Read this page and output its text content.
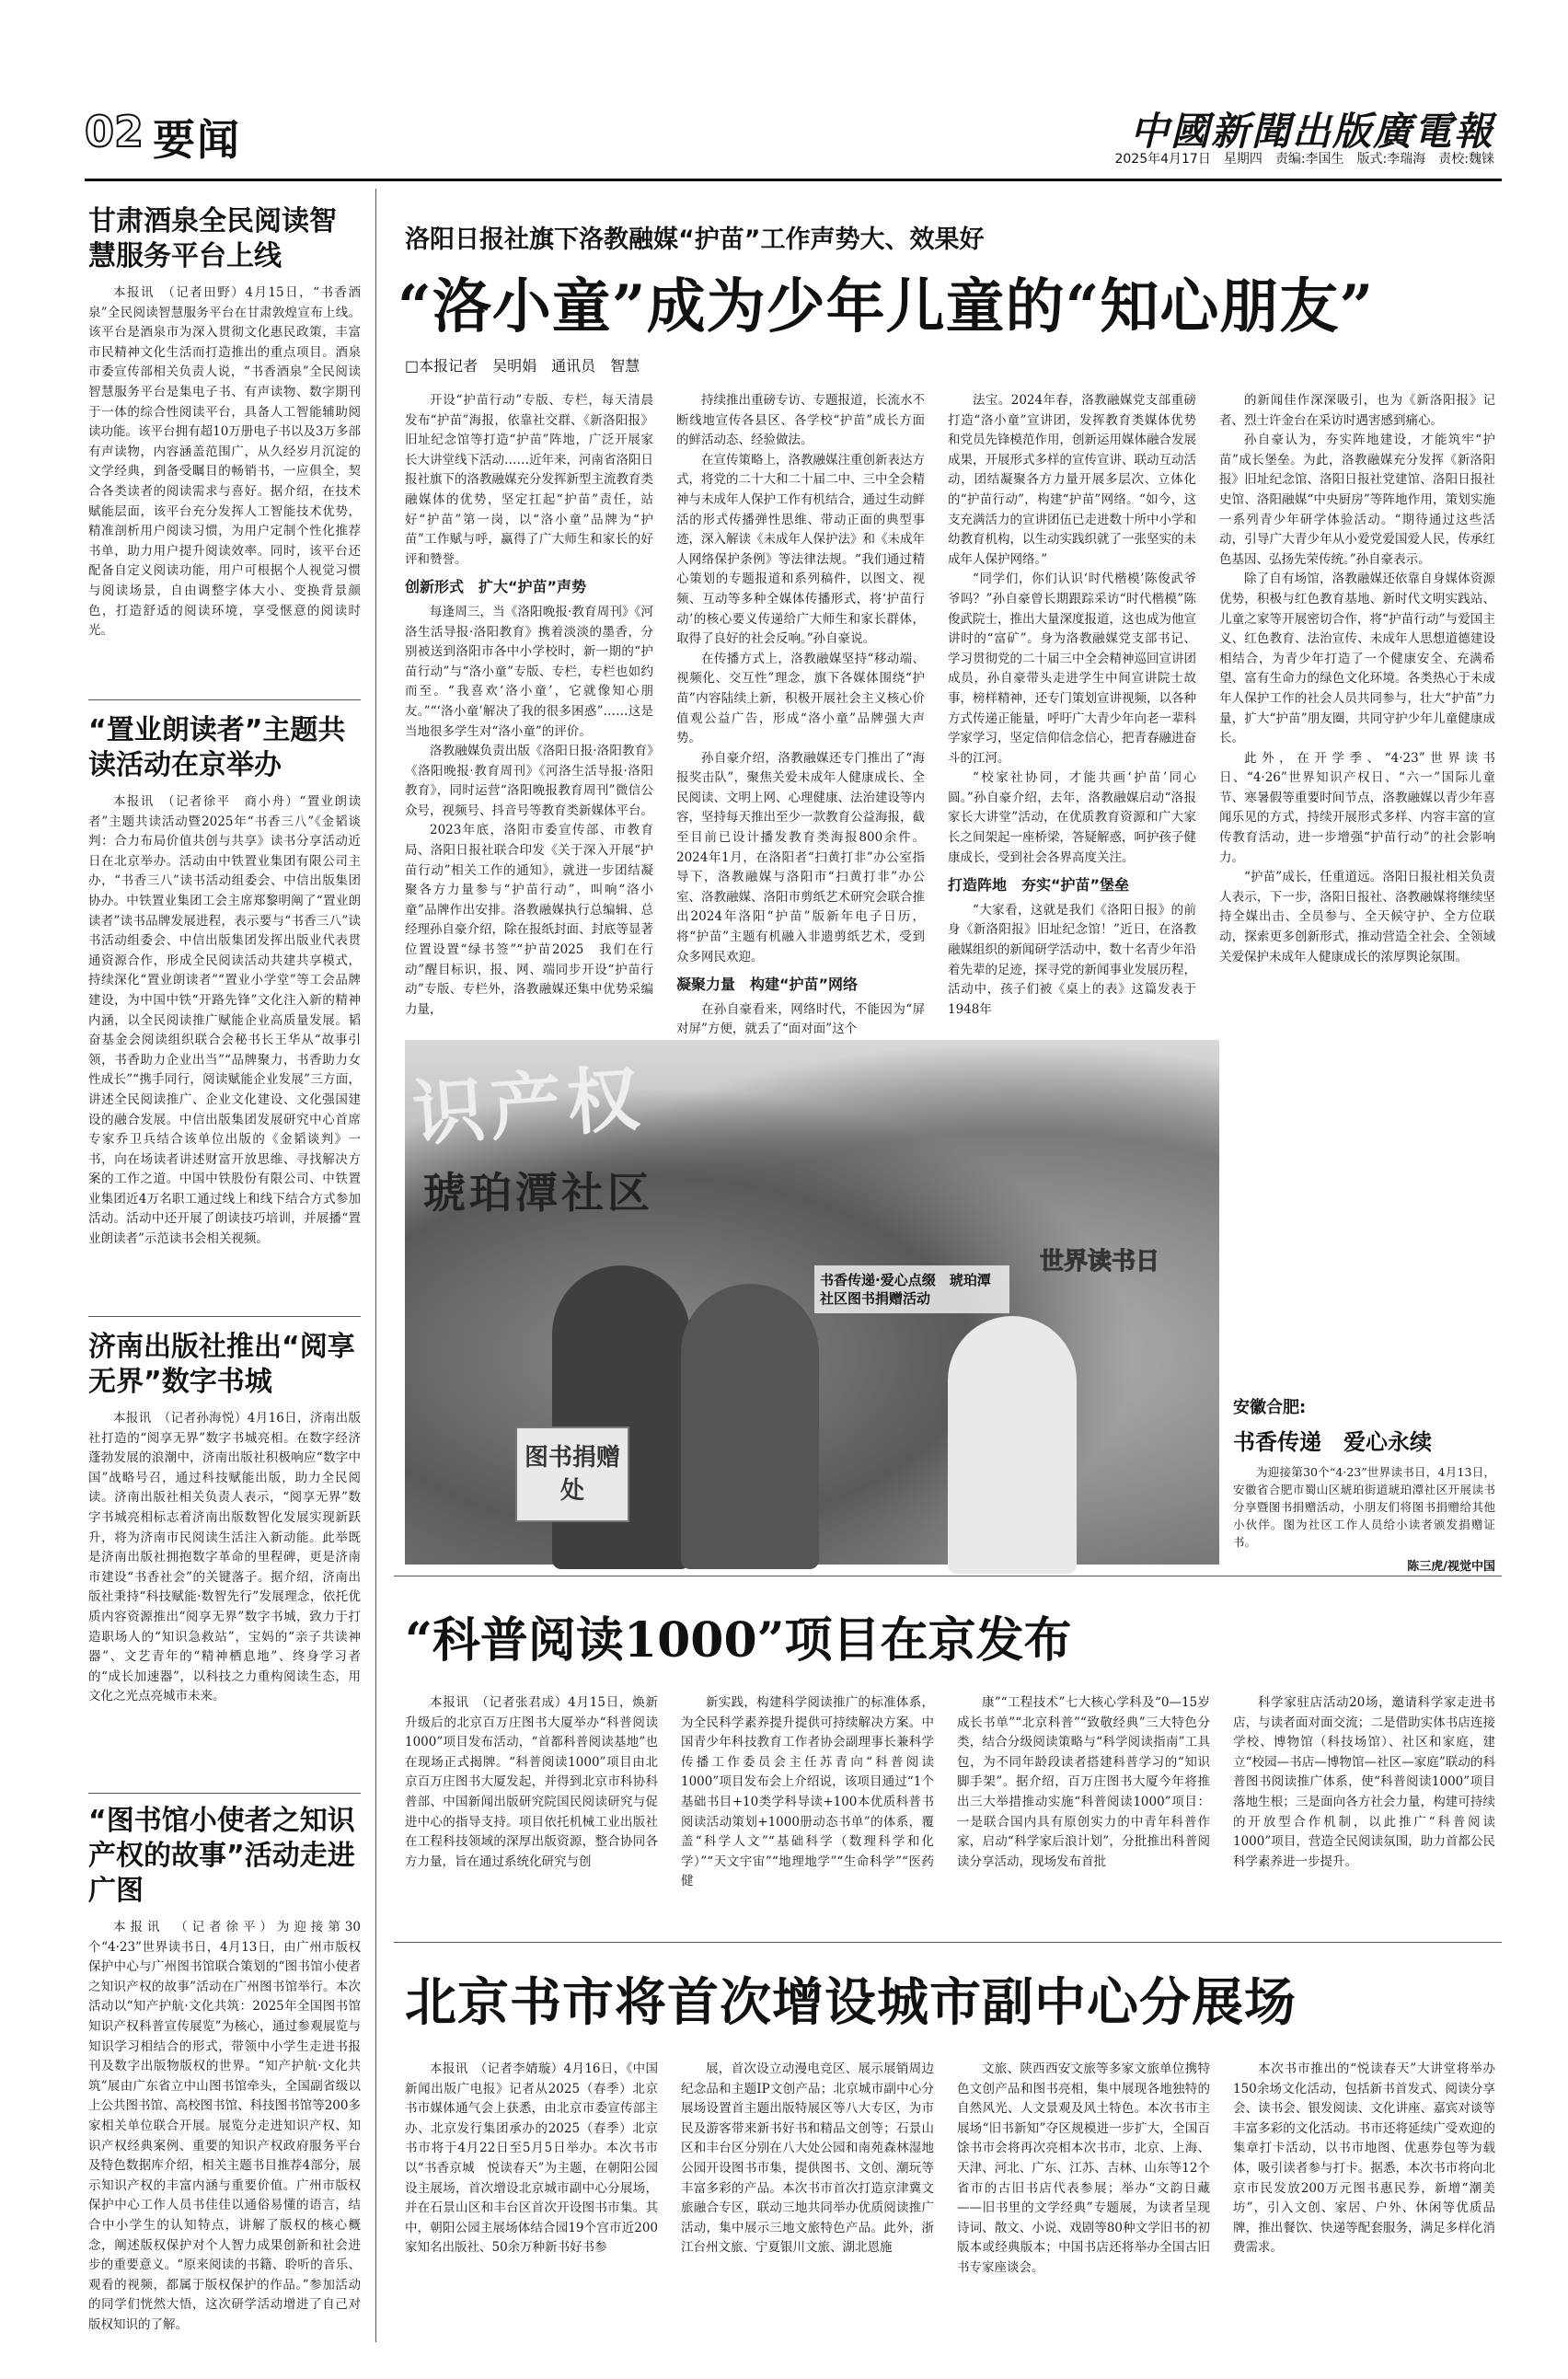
02 要闻	中國新聞出版廣電報
2025年4月17日 星期四 责编:李国生 版式:李瑞海 责校:魏铼
甘肃酒泉全民阅读智慧服务平台上线

本报讯　（记者田野）4月15日，“书香酒泉”全民阅读智慧服务平台在甘肃敦煌宣布上线。该平台是酒泉市为深入贯彻文化惠民政策，丰富市民精神文化生活而打造推出的重点项目。酒泉市委宣传部相关负责人说，“书香酒泉”全民阅读智慧服务平台是集电子书、有声读物、数字期刊于一体的综合性阅读平台，具备人工智能辅助阅读功能。该平台拥有超10万册电子书以及3万多部有声读物，内容涵盖范围广，从久经岁月沉淀的文学经典，到备受瞩目的畅销书，一应俱全，契合各类读者的阅读需求与喜好。据介绍，在技术赋能层面，该平台充分发挥人工智能技术优势，精准剖析用户阅读习惯，为用户定制个性化推荐书单，助力用户提升阅读效率。同时，该平台还配备自定义阅读功能，用户可根据个人视觉习惯与阅读场景，自由调整字体大小、变换背景颜色，打造舒适的阅读环境，享受惬意的阅读时光。

“置业朗读者”主题共读活动在京举办

本报讯　（记者徐平　商小舟）“置业朗读者”主题共读活动暨2025年“书香三八”《金韬谈判：合力布局价值共创与共享》读书分享活动近日在北京举办。活动由中铁置业集团有限公司主办，“书香三八”读书活动组委会、中信出版集团协办。中铁置业集团工会主席郑黎明阐了“置业朗读者”读书品牌发展进程，表示要与“书香三八”读书活动组委会、中信出版集团发挥出版业代表贯通资源合作，形成全民阅读活动共建共享模式，持续深化“置业朗读者”“置业小学堂”等工会品牌建设，为中国中铁“开路先锋”文化注入新的精神内涵，以全民阅读推广赋能企业高质量发展。韬奋基金会阅读组织联合会秘书长王华从“故事引领，书香助力企业出当”“品牌聚力，书香助力女性成长”“携手同行，阅读赋能企业发展”三方面，讲述全民阅读推广、企业文化建设、文化强国建设的融合发展。中信出版集团发展研究中心首席专家乔卫兵结合该单位出版的《金韬谈判》一书，向在场读者讲述财富开放思维、寻找解决方案的工作之道。中国中铁股份有限公司、中铁置业集团近4万名职工通过线上和线下结合方式参加活动。活动中还开展了朗读技巧培训，并展播“置业朗读者”示范读书会相关视频。

济南出版社推出“阅享无界”数字书城

本报讯　（记者孙海悦）4月16日，济南出版社打造的“阅享无界”数字书城亮相。在数字经济蓬勃发展的浪潮中，济南出版社积极响应“数字中国”战略号召，通过科技赋能出版，助力全民阅读。济南出版社相关负责人表示，“阅享无界”数字书城亮相标志着济南出版数智化发展实现新跃升，将为济南市民阅读生活注入新动能。此举既是济南出版社拥抱数字革命的里程碑，更是济南市建设“书香社会”的关键落子。据介绍，济南出版社秉持“科技赋能·数智先行”发展理念，依托优质内容资源推出“阅享无界”数字书城，致力于打造职场人的“知识急救站”，宝妈的“亲子共读神器”、文艺青年的“精神栖息地”、终身学习者的“成长加速器”，以科技之力重构阅读生态，用文化之光点亮城市未来。

“图书馆小使者之知识产权的故事”活动走进广图

本报讯　（记者徐平）为迎接第30个“4·23”世界读书日，4月13日，由广州市版权保护中心与广州图书馆联合策划的“图书馆小使者之知识产权的故事”活动在广州图书馆举行。本次活动以“知产护航·文化共筑：2025年全国图书馆知识产权科普宣传展览”为核心，通过参观展览与知识学习相结合的形式，带领中小学生走进书报刊及数字出版物版权的世界。“知产护航·文化共筑”展由广东省立中山图书馆牵头，全国副省级以上公共图书馆、高校图书馆、科技图书馆等200多家相关单位联合开展。展览分走进知识产权、知识产权经典案例、重要的知识产权政府服务平台及特色数据库介绍，相关主题书目推荐4部分，展示知识产权的丰富内涵与重要价值。广州市版权保护中心工作人员书佳佳以通俗易懂的语言，结合中小学生的认知特点，讲解了版权的核心概念，阐述版权保护对个人智力成果创新和社会进步的重要意义。“原来阅读的书籍、聆听的音乐、观看的视频，都属于版权保护的作品。”参加活动的同学们恍然大悟，这次研学活动增进了自己对版权知识的了解。

洛阳日报社旗下洛教融媒“护苗”工作声势大、效果好
“洛小童”成为少年儿童的“知心朋友”
□本报记者　吴明娟　通讯员　智慧

开设“护苗行动”专版、专栏，每天清晨发布“护苗”海报，依靠社交群、《新洛阳报》旧址纪念馆等打造“护苗”阵地，广泛开展家长大讲堂线下活动……近年来，河南省洛阳日报社旗下的洛教融媒充分发挥新型主流教育类融媒体的优势，坚定扛起“护苗”责任，站好“护苗”第一岗，以“洛小童”品牌为“护苗”工作赋与呼，赢得了广大师生和家长的好评和赞誉。

创新形式　扩大“护苗”声势

每逢周三，当《洛阳晚报·教育周刊》《河洛生活导报·洛阳教育》携着淡淡的墨香，分别被送到洛阳市各中小学校时，新一期的“护苗行动”与“洛小童”专版、专栏，专栏也如约而至。“我喜欢‘洛小童’，它就像知心朋友。”“‘洛小童’解决了我的很多困惑”……这是当地很多学生对“洛小童”的评价。

洛教融媒负责出版《洛阳日报·洛阳教育》《洛阳晚报·教育周刊》《河洛生活导报·洛阳教育》，同时运营“洛阳晚报教育周刊”微信公众号，视频号、抖音号等教育类新媒体平台。

2023年底，洛阳市委宣传部、市教育局、洛阳日报社联合印发《关于深入开展“护苗行动”相关工作的通知》，就进一步团结凝聚各方力量参与“护苗行动”，叫响“洛小童”品牌作出安排。洛教融媒执行总编辑、总经理孙自豪介绍，除在报纸封面、封底等显著位置设置“绿书签”“护苗2025　我们在行动”醒目标识，报、网、端同步开设“护苗行动”专版、专栏外，洛教融媒还集中优势采编力量，

持续推出重磅专访、专题报道，长流水不断线地宣传各县区、各学校“护苗”成长方面的鲜活动态、经验做法。

在宣传策略上，洛教融媒注重创新表达方式，将党的二十大和二十届二中、三中全会精神与未成年人保护工作有机结合，通过生动鲜活的形式传播弹性思维、带动正面的典型事迹，深入解读《未成年人保护法》和《未成年人网络保护条例》等法律法规。“我们通过精心策划的专题报道和系列稿件，以图文、视频、互动等多种全媒体传播形式，将‘护苗行动’的核心要义传递给广大师生和家长群体，取得了良好的社会反响。”孙自豪说。

在传播方式上，洛教融媒坚持“移动端、视频化、交互性”理念，旗下各媒体围绕“护苗”内容陆续上新，积极开展社会主义核心价值观公益广告，形成“洛小童”品牌强大声势。

孙自豪介绍，洛教融媒还专门推出了“海报奖击队”，聚焦关爱未成年人健康成长、全民阅读、文明上网、心理健康、法治建设等内容，坚持每天推出至少一款教育公益海报，截至目前已设计播发教育类海报800余件。2024年1月，在洛阳者“扫黄打非”办公室指导下，洛教融媒与洛阳市“扫黄打非”办公室、洛教融媒、洛阳市剪纸艺术研究会联合推出2024年洛阳“护苗”版新年电子日历，将“护苗”主题有机融入非遗剪纸艺术，受到众多网民欢迎。

凝聚力量　构建“护苗”网络

在孙自豪看来，网络时代，不能因为“屏对屏”方便，就丢了“面对面”这个

法宝。2024年春，洛教融媒党支部重磅打造“洛小童”宣讲团，发挥教育类媒体优势和党员先锋模范作用，创新运用媒体融合发展成果，开展形式多样的宣传宣讲、联动互动活动，团结凝聚各方力量开展多层次、立体化的“护苗行动”，构建“护苗”网络。“如今，这支充满活力的宣讲团伍已走进数十所中小学和幼教育机构，以生动实践织就了一张坚实的未成年人保护网络。”

“同学们，你们认识‘时代楷模’陈俊武爷爷吗？”孙自豪曾长期跟踪采访“时代楷模”陈俊武院士，推出大量深度报道，这也成为他宣讲时的“富矿”。身为洛教融媒党支部书记、学习贯彻党的二十届三中全会精神巡回宣讲团成员，孙自豪带头走进学生中间宣讲院士故事，榜样精神，还专门策划宣讲视频，以各种方式传递正能量，呼吁广大青少年向老一辈科学家学习，坚定信仰信念信心，把青春融进奋斗的江河。

“校家社协同，才能共画‘护苗’同心圆。”孙自豪介绍，去年，洛教融媒启动“洛报家长大讲堂”活动，在优质教育资源和广大家长之间架起一座桥梁，答疑解惑，呵护孩子健康成长，受到社会各界高度关注。

打造阵地　夯实“护苗”堡垒

“大家看，这就是我们《洛阳日报》的前身《新洛阳报》旧址纪念馆！”近日，在洛教融媒组织的新闻研学活动中，数十名青少年沿着先辈的足迹，探寻党的新闻事业发展历程，活动中，孩子们被《桌上的表》这篇发表于1948年

的新闻佳作深深吸引，也为《新洛阳报》记者、烈士许金台在采访时遇害感到痛心。

孙自豪认为，夯实阵地建设，才能筑牢“护苗”成长堡垒。为此，洛教融媒充分发挥《新洛阳报》旧址纪念馆、洛阳日报社党建馆、洛阳日报社史馆、洛阳融媒“中央厨房”等阵地作用，策划实施一系列青少年研学体验活动。“期待通过这些活动，引导广大青少年从小爱党爱国爱人民，传承红色基因、弘扬先荣传统。”孙自豪表示。

除了自有场馆，洛教融媒还依靠自身媒体资源优势，积极与红色教育基地、新时代文明实践站、儿童之家等开展密切合作，将“护苗行动”与爱国主义、红色教育、法治宣传、未成年人思想道德建设相结合，为青少年打造了一个健康安全、充满希望、富有生命力的绿色文化环境。各类热心于未成年人保护工作的社会人员共同参与，壮大“护苗”力量，扩大“护苗”朋友圈，共同守护少年儿童健康成长。

此外，在开学季、“4·23”世界读书日、“4·26”世界知识产权日、“六一”国际儿童节、寒暑假等重要时间节点，洛教融媒以青少年喜闻乐见的方式，持续开展形式多样、内容丰富的宣传教育活动，进一步增强“护苗行动”的社会影响力。

“护苗”成长，任重道远。洛阳日报社相关负责人表示，下一步，洛阳日报社、洛教融媒将继续坚持全媒出击、全员参与、全天候守护、全方位联动，探索更多创新形式，推动营造全社会、全领域关爱保护未成年人健康成长的浓厚舆论氛围。

识产权
琥珀潭社区
书香传递·爱心点缀　琥珀潭社区图书捐赠活动
世界读书日
图书捐赠处
安徽合肥:
书香传递　爱心永续
为迎接第30个“4·23”世界读书日，4月13日，安徽省合肥市蜀山区琥珀街道琥珀潭社区开展读书分享暨图书捐赠活动，小朋友们将图书捐赠给其他小伙伴。图为社区工作人员给小读者颁发捐赠证书。
陈三虎/视觉中国
“科普阅读1000”项目在京发布

本报讯　（记者张君成）4月15日，焕新升级后的北京百万庄图书大厦举办“科普阅读1000”项目发布活动，“首都科普阅读基地”也在现场正式揭牌。“科普阅读1000”项目由北京百万庄图书大厦发起，并得到北京市科协科普部、中国新闻出版研究院国民阅读研究与促进中心的指导支持。项目依托机械工业出版社在工程科技领域的深厚出版资源，整合协同各方力量，旨在通过系统化研究与创

新实践，构建科学阅读推广的标准体系，为全民科学素养提升提供可持续解决方案。中国青少年科技教育工作者协会副理事长兼科学传播工作委员会主任苏青向“科普阅读1000”项目发布会上介绍说，该项目通过“1个基础书目+10类学科导读+100本优质科普书阅读活动策划+1000册动态书单”的体系，覆盖“科学人文”“基础科学（数理科学和化学）”“天文宇宙”“地理地学”“生命科学”“医药健

康”“工程技术”七大核心学科及“0—15岁成长书单”“北京科普”“致敬经典”三大特色分类，结合分级阅读策略与“科学阅读指南”工具包，为不同年龄段读者搭建科普学习的“知识脚手架”。据介绍，百万庄图书大厦今年将推出三大举措推动实施“科普阅读1000”项目：一是联合国内具有原创实力的中青年科普作家，启动“科学家后浪计划”，分批推出科普阅读分享活动，现场发布首批

科学家驻店活动20场，邀请科学家走进书店，与读者面对面交流；二是借助实体书店连接学校、博物馆（科技场馆）、社区和家庭，建立“校园—书店—博物馆—社区—家庭”联动的科普图书阅读推广体系，使“科普阅读1000”项目落地生根；三是面向各方社会力量，构建可持续的开放型合作机制，以此推广“科普阅读1000”项目，营造全民阅读氛围，助力首都公民科学素养进一步提升。

北京书市将首次增设城市副中心分展场

本报讯　（记者李婧璇）4月16日，《中国新闻出版广电报》记者从2025（春季）北京书市媒体通气会上获悉，由北京市委宣传部主办、北京发行集团承办的2025（春季）北京书市将于4月22日至5月5日举办。本次书市以“书香京城　悦读春天”为主题，在朝阳公园设主展场，首次增设北京城市副中心分展场，并在石景山区和丰台区首次开设图书市集。其中，朝阳公园主展场体结合园19个宫市近200家知名出版社、50余万种新书好书参

展，首次设立动漫电竞区、展示展销周边纪念品和主题IP文创产品；北京城市副中心分展场设置首主题出版特展区等八大专区，为市民及游客带来新书好书和精品文创等；石景山区和丰台区分别在八大处公园和南苑森林湿地公园开设图书市集，提供图书、文创、潮玩等丰富多彩的产品。本次书市首次打造京津冀文旅融合专区，联动三地共同举办优质阅读推广活动，集中展示三地文旅特色产品。此外，浙江台州文旅、宁夏银川文旅、湖北恩施

文旅、陕西西安文旅等多家文旅单位携特色文创产品和图书亮相，集中展现各地独特的自然风光、人文景观及风土特色。本次书市主展场“旧书新知”夺区规模进一步扩大，全国百馀书市会将再次亮相本次书市，北京、上海、天津、河北、广东、江苏、吉林、山东等12个省市的古旧书店代表参展；举办“文韵日藏——旧书里的文学经典”专题展，为读者呈现诗词、散文、小说、戏剧等80种文学旧书的初版本或经典版本；中国书店还将举办全国古旧书专家座谈会。

本次书市推出的“悦读春天”大讲堂将举办150余场文化活动，包括新书首发式、阅读分享会、读书会、银发阅读、文化讲座、嘉宾对谈等丰富多彩的文化活动。书市还将延续广受欢迎的集章打卡活动，以书市地图、优惠券包等为载体，吸引读者参与打卡。据悉，本次书市将向北京市民发放200万元图书惠民券，新增“潮美坊”，引入文创、家居、户外、休闲等优质品牌，推出餐饮、快递等配套服务，满足多样化消费需求。
